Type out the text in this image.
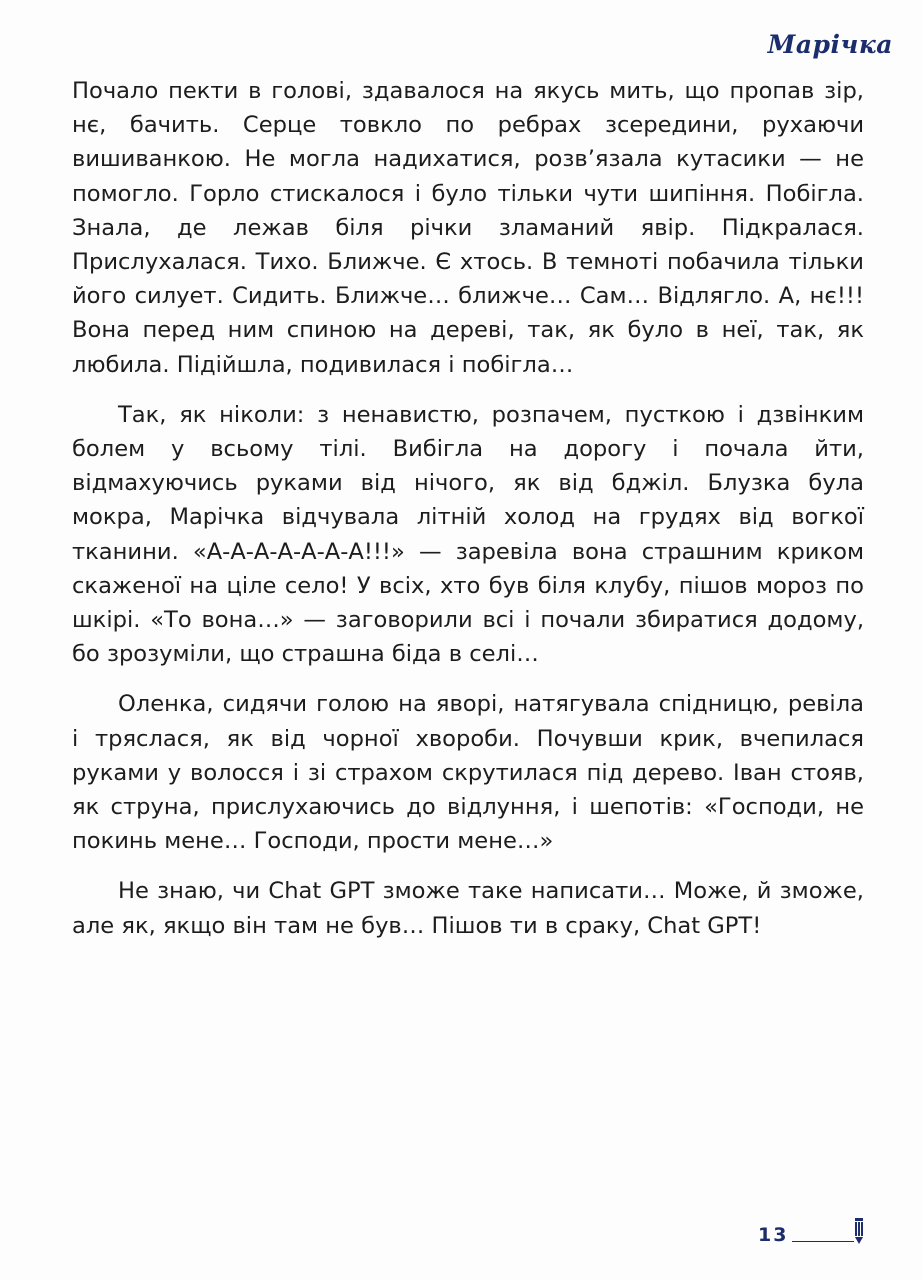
Марічка

Почало пекти в голові, здавалося на якусь мить, що пропав зір, нє, бачить. Серце товкло по ребрах зсередини, рухаючи вишиванкою. Не могла надихатися, розв’язала кутасики — не помогло. Горло стискалося і було тільки чути шипіння. Побігла. Знала, де лежав біля річки зламаний явір. Підкралася. Прислухалася. Тихо. Ближче. Є хтось. В темноті побачила тільки його силует. Сидить. Ближче… ближче… Сам… Відлягло. А, нє!!! Вона перед ним спиною на дереві, так, як було в неї, так, як любила. Підійшла, подивилася і побігла…

Так, як ніколи: з ненавистю, розпачем, пусткою і дзвінким болем у всьому тілі. Вибігла на дорогу і почала йти, відмахуючись руками від нічого, як від бджіл. Блузка була мокра, Марічка відчувала літній холод на грудях від вогкої тканини. «А-А-А-А-А-А-А!!!» — заревіла вона страшним криком скаженої на ціле село! У всіх, хто був біля клубу, пішов мороз по шкірі. «То вона…» — заговорили всі і почали збиратися додому, бо зрозуміли, що страшна біда в селі…

Оленка, сидячи голою на яворі, натягувала спідницю, ревіла і тряслася, як від чорної хвороби. Почувши крик, вчепилася руками у волосся і зі страхом скрутилася під дерево. Іван стояв, як струна, прислухаючись до відлуння, і шепотів: «Господи, не покинь мене… Господи, прости мене…»

Не знаю, чи Chat GPT зможе таке написати… Може, й зможе, але як, якщо він там не був… Пішов ти в сраку, Chat GPT!

13
